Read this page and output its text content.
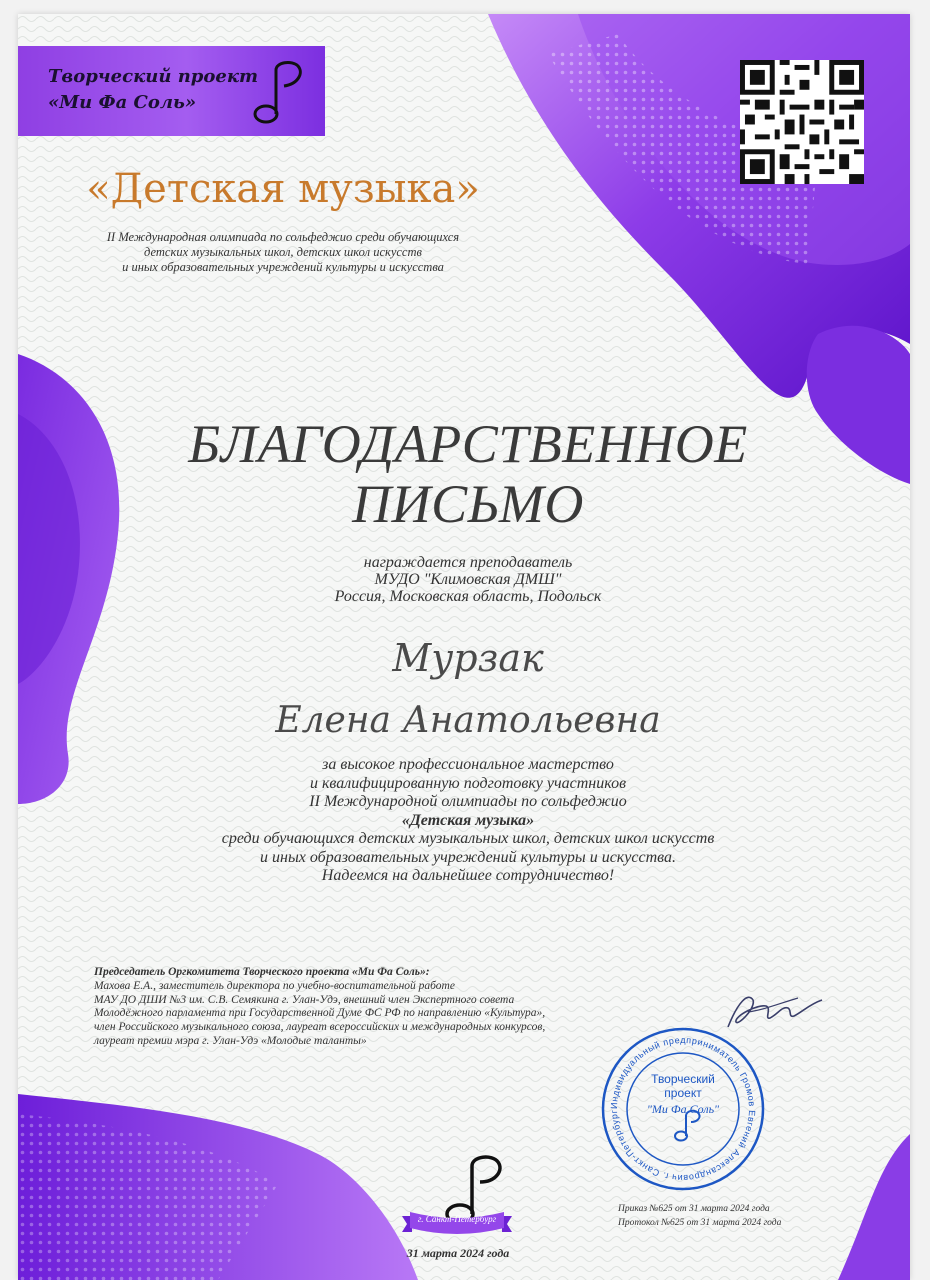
Творческий проект
«Ми Фа Соль»
«Детская музыка»
II Международная олимпиада по сольфеджио среди обучающихся
детских музыкальных школ, детских школ искусств
и иных образовательных учреждений культуры и искусства
БЛАГОДАРСТВЕННОЕ
ПИСЬМО
награждается преподаватель
МУДО "Климовская ДМШ"
Россия, Московская область, Подольск
Мурзак
Елена Анатольевна
за высокое профессиональное мастерство
и квалифицированную подготовку участников
II Международной олимпиады по сольфеджио
«Детская музыка»
среди обучающихся детских музыкальных школ, детских школ искусств
и иных образовательных учреждений культуры и искусства.
Надеемся на дальнейшее сотрудничество!
Председатель Оргкомитета Творческого проекта «Ми Фа Соль»:
Махова Е.А., заместитель директора по учебно-воспитательной работе
МАУ ДО ДШИ №3 им. С.В. Семякина г. Улан-Удэ, внешний член Экспертного совета
Молодёжного парламента при Государственной Думе ФС РФ по направлению «Культура»,
член Российского музыкального союза, лауреат всероссийских и международных конкурсов,
лауреат премии мэра г. Улан-Удэ «Молодые таланты»
Индивидуальный предприниматель Громов Евгений Александрович г. Санкт-Петербург
Творческий
проект
"Ми Фа Соль"
г. Санкт-Петербург
31 марта 2024 года
Приказ №625 от 31 марта 2024 года
Протокол №625 от 31 марта 2024 года
